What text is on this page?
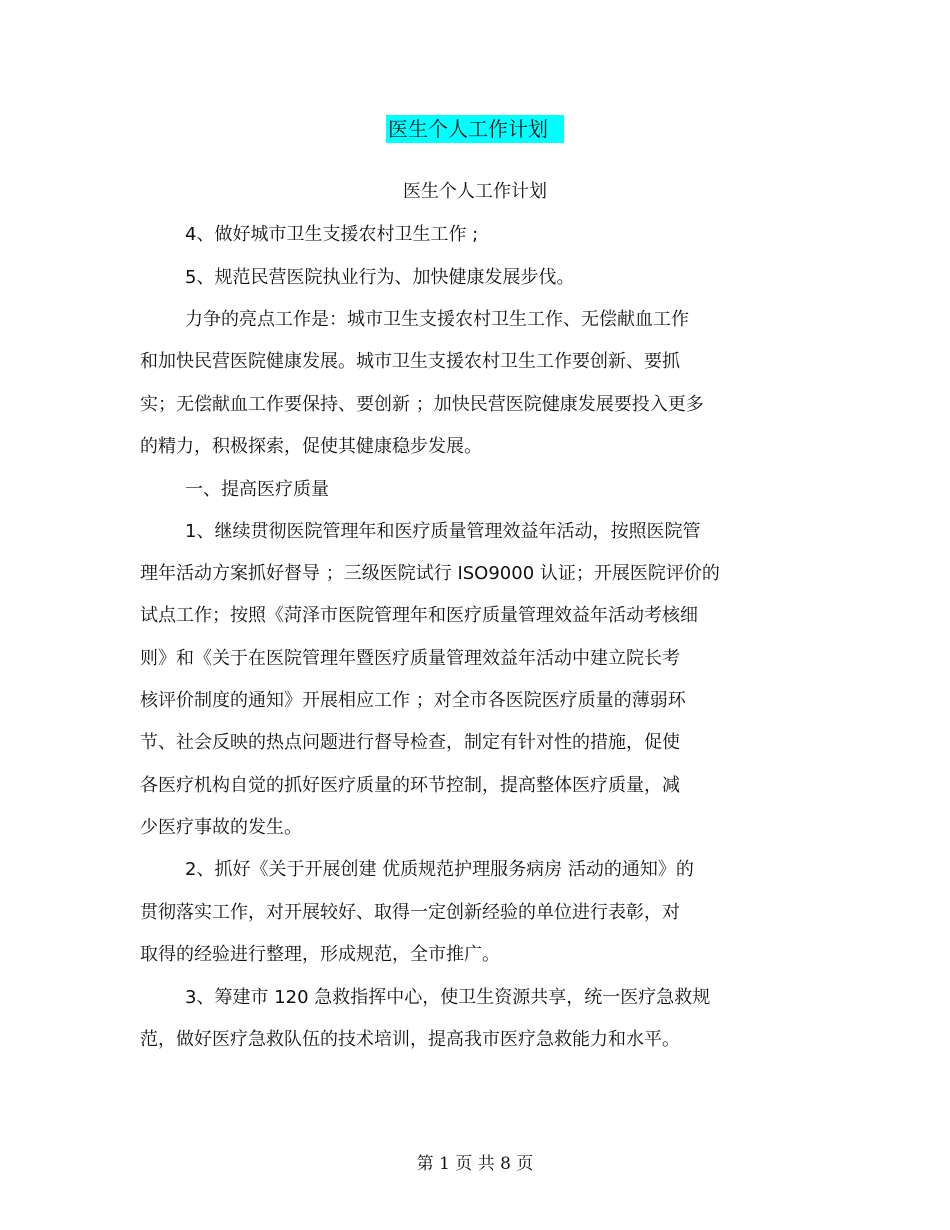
医生个人工作计划
医生个人工作计划
4、做好城市卫生支援农村卫生工作 ;
5、规范民营医院执业行为、加快健康发展步伐。
力争的亮点工作是：城市卫生支援农村卫生工作、无偿献血工作
和加快民营医院健康发展。城市卫生支援农村卫生工作要创新、要抓
实；无偿献血工作要保持、要创新 ；加快民营医院健康发展要投入更多
的精力，积极探索，促使其健康稳步发展。
一、提高医疗质量
1、继续贯彻医院管理年和医疗质量管理效益年活动，按照医院管
理年活动方案抓好督导 ；三级医院试行 ISO9000 认证；开展医院评价的
试点工作；按照《菏泽市医院管理年和医疗质量管理效益年活动考核细
则》和《关于在医院管理年暨医疗质量管理效益年活动中建立院长考
核评价制度的通知》开展相应工作 ；对全市各医院医疗质量的薄弱环
节、社会反映的热点问题进行督导检查，制定有针对性的措施，促使
各医疗机构自觉的抓好医疗质量的环节控制，提高整体医疗质量，减
少医疗事故的发生。
2、抓好《关于开展创建 优质规范护理服务病房 活动的通知》的
贯彻落实工作，对开展较好、取得一定创新经验的单位进行表彰，对
取得的经验进行整理，形成规范，全市推广。
3、筹建市 120 急救指挥中心，使卫生资源共享，统一医疗急救规
范，做好医疗急救队伍的技术培训，提高我市医疗急救能力和水平。
第 1 页 共 8 页
